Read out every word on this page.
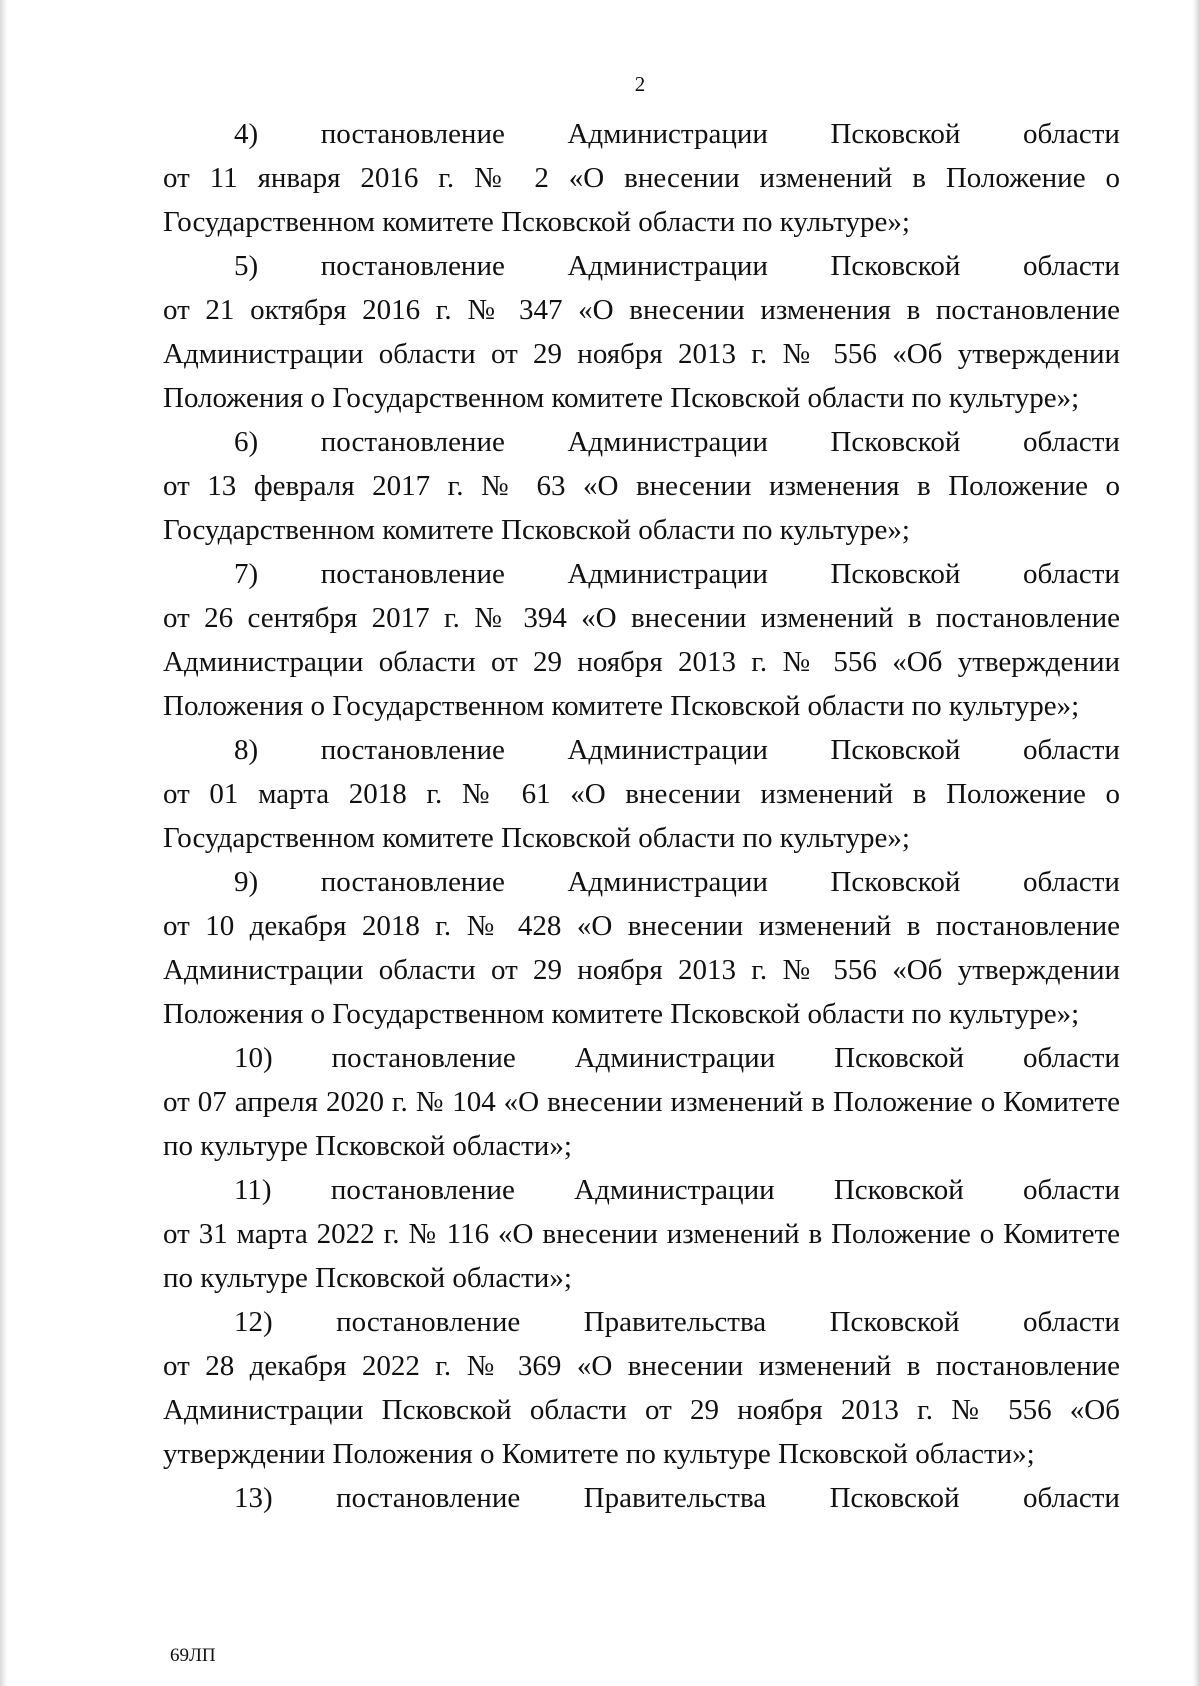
2
4) постановление Администрации Псковской области
от 11 января 2016 г. № 2 «О внесении изменений в Положение о Государственном комитете Псковской области по культуре»;
5) постановление Администрации Псковской области
от 21 октября 2016 г. № 347 «О внесении изменения в постановление Администрации области от 29 ноября 2013 г. № 556 «Об утверждении Положения о Государственном комитете Псковской области по культуре»;
6) постановление Администрации Псковской области
от 13 февраля 2017 г. № 63 «О внесении изменения в Положение о Государственном комитете Псковской области по культуре»;
7) постановление Администрации Псковской области
от 26 сентября 2017 г. № 394 «О внесении изменений в постановление Администрации области от 29 ноября 2013 г. № 556 «Об утверждении Положения о Государственном комитете Псковской области по культуре»;
8) постановление Администрации Псковской области
от 01 марта 2018 г. № 61 «О внесении изменений в Положение о Государственном комитете Псковской области по культуре»;
9) постановление Администрации Псковской области
от 10 декабря 2018 г. № 428 «О внесении изменений в постановление Администрации области от 29 ноября 2013 г. № 556 «Об утверждении Положения о Государственном комитете Псковской области по культуре»;
10) постановление Администрации Псковской области
от 07 апреля 2020 г. № 104 «О внесении изменений в Положение о Комитете по культуре Псковской области»;
11) постановление Администрации Псковской области
от 31 марта 2022 г. № 116 «О внесении изменений в Положение о Комитете по культуре Псковской области»;
12) постановление Правительства Псковской области
от 28 декабря 2022 г. № 369 «О внесении изменений в постановление Администрации Псковской области от 29 ноября 2013 г. № 556 «Об утверждении Положения о Комитете по культуре Псковской области»;
13) постановление Правительства Псковской области
69ЛП
